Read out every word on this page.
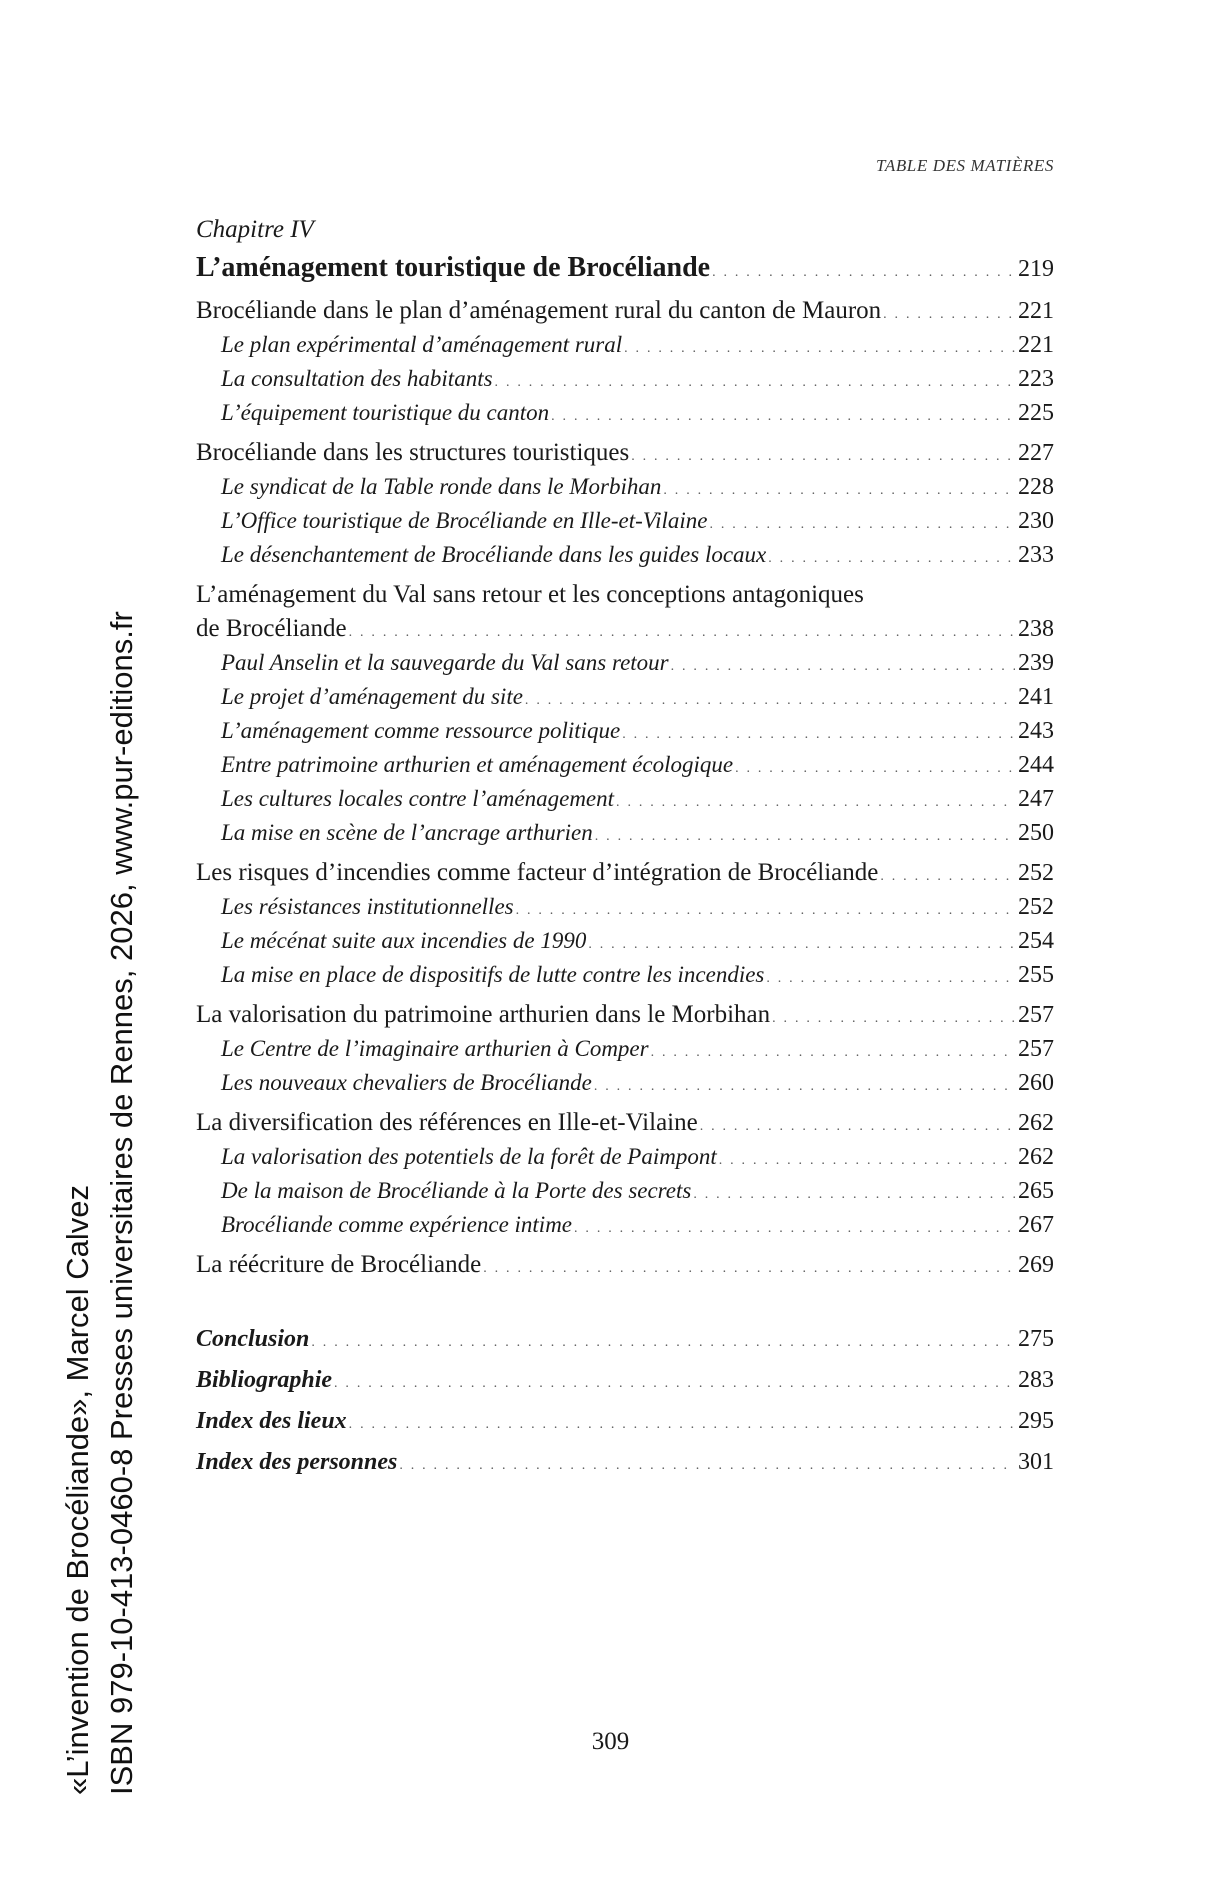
TABLE DES MATIÈRES
Chapitre IV
L’aménagement touristique de Brocéliande . . .	219
Brocéliande dans le plan d’aménagement rural du canton de Mauron . . .	221
Le plan expérimental d’aménagement rural . . .	221
La consultation des habitants . . .	223
L’équipement touristique du canton . . .	225
Brocéliande dans les structures touristiques . . .	227
Le syndicat de la Table ronde dans le Morbihan . . .	228
L’Office touristique de Brocéliande en Ille-et-Vilaine . . .	230
Le désenchantement de Brocéliande dans les guides locaux . . .	233
L’aménagement du Val sans retour et les conceptions antagoniques
de Brocéliande . . .	238
Paul Anselin et la sauvegarde du Val sans retour . . .	239
Le projet d’aménagement du site . . .	241
L’aménagement comme ressource politique . . .	243
Entre patrimoine arthurien et aménagement écologique . . .	244
Les cultures locales contre l’aménagement . . .	247
La mise en scène de l’ancrage arthurien . . .	250
Les risques d’incendies comme facteur d’intégration de Brocéliande . . .	252
Les résistances institutionnelles . . .	252
Le mécénat suite aux incendies de 1990 . . .	254
La mise en place de dispositifs de lutte contre les incendies . . .	255
La valorisation du patrimoine arthurien dans le Morbihan . . .	257
Le Centre de l’imaginaire arthurien à Comper . . .	257
Les nouveaux chevaliers de Brocéliande . . .	260
La diversification des références en Ille-et-Vilaine . . .	262
La valorisation des potentiels de la forêt de Paimpont . . .	262
De la maison de Brocéliande à la Porte des secrets . . .	265
Brocéliande comme expérience intime . . .	267
La réécriture de Brocéliande . . .	269
Conclusion . . .	275
Bibliographie . . .	283
Index des lieux . . .	295
Index des personnes . . .	301
309
«L’invention de Brocéliande», Marcel Calvez ISBN 979-10-413-0460-8 Presses universitaires de Rennes, 2026, www.pur-editions.fr
